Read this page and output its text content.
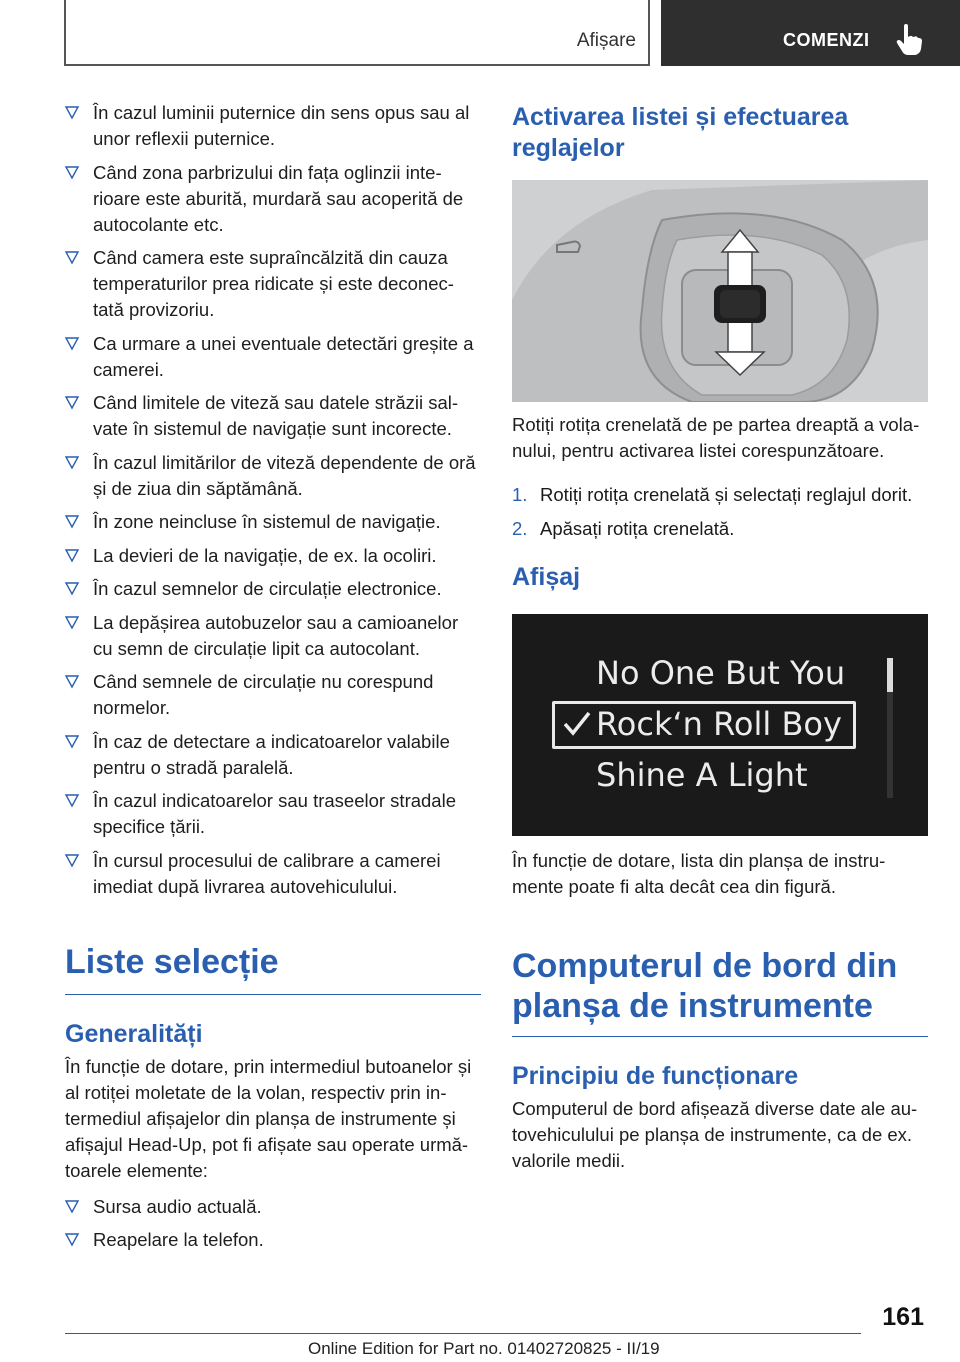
Afișare	COMENZI
În cazul luminii puternice din sens opus sau al unor reflexii puternice.
Când zona parbrizului din fața oglinzii inte-rioare este aburită, murdară sau acoperită de autocolante etc.
Când camera este supraîncălzită din cauza temperaturilor prea ridicate și este deconec-tată provizoriu.
Ca urmare a unei eventuale detectări greșite a camerei.
Când limitele de viteză sau datele străzii sal-vate în sistemul de navigație sunt incorecte.
În cazul limitărilor de viteză dependente de oră și de ziua din săptămână.
În zone neincluse în sistemul de navigație.
La devieri de la navigație, de ex. la ocoliri.
În cazul semnelor de circulație electronice.
La depășirea autobuzelor sau a camioanelor cu semn de circulație lipit ca autocolant.
Când semnele de circulație nu corespund normelor.
În caz de detectare a indicatoarelor valabile pentru o stradă paralelă.
În cazul indicatoarelor sau traseelor stradale specifice țării.
În cursul procesului de calibrare a camerei imediat după livrarea autovehiculului.
Liste selecție
Generalități
În funcție de dotare, prin intermediul butoanelor și al rotiței moletate de la volan, respectiv prin in-termediul afișajelor din planșa de instrumente și afișajul Head-Up, pot fi afișate sau operate urmă-toarele elemente:
Sursa audio actuală.
Reapelare la telefon.
Activarea listei și efectuarea reglajelor
Rotiți rotița crenelată de pe partea dreaptă a vola-nului, pentru activarea listei corespunzătoare.
1. Rotiți rotița crenelată și selectați reglajul dorit.
2. Apăsați rotița crenelată.
Afișaj
No One But You
Rock‘n Roll Boy
Shine A Light
În funcție de dotare, lista din planșa de instru-mente poate fi alta decât cea din figură.
Computerul de bord din planșa de instrumente
Principiu de funcționare
Computerul de bord afișează diverse date ale au-tovehiculului pe planșa de instrumente, ca de ex. valorile medii.
161
Online Edition for Part no. 01402720825 - II/19
